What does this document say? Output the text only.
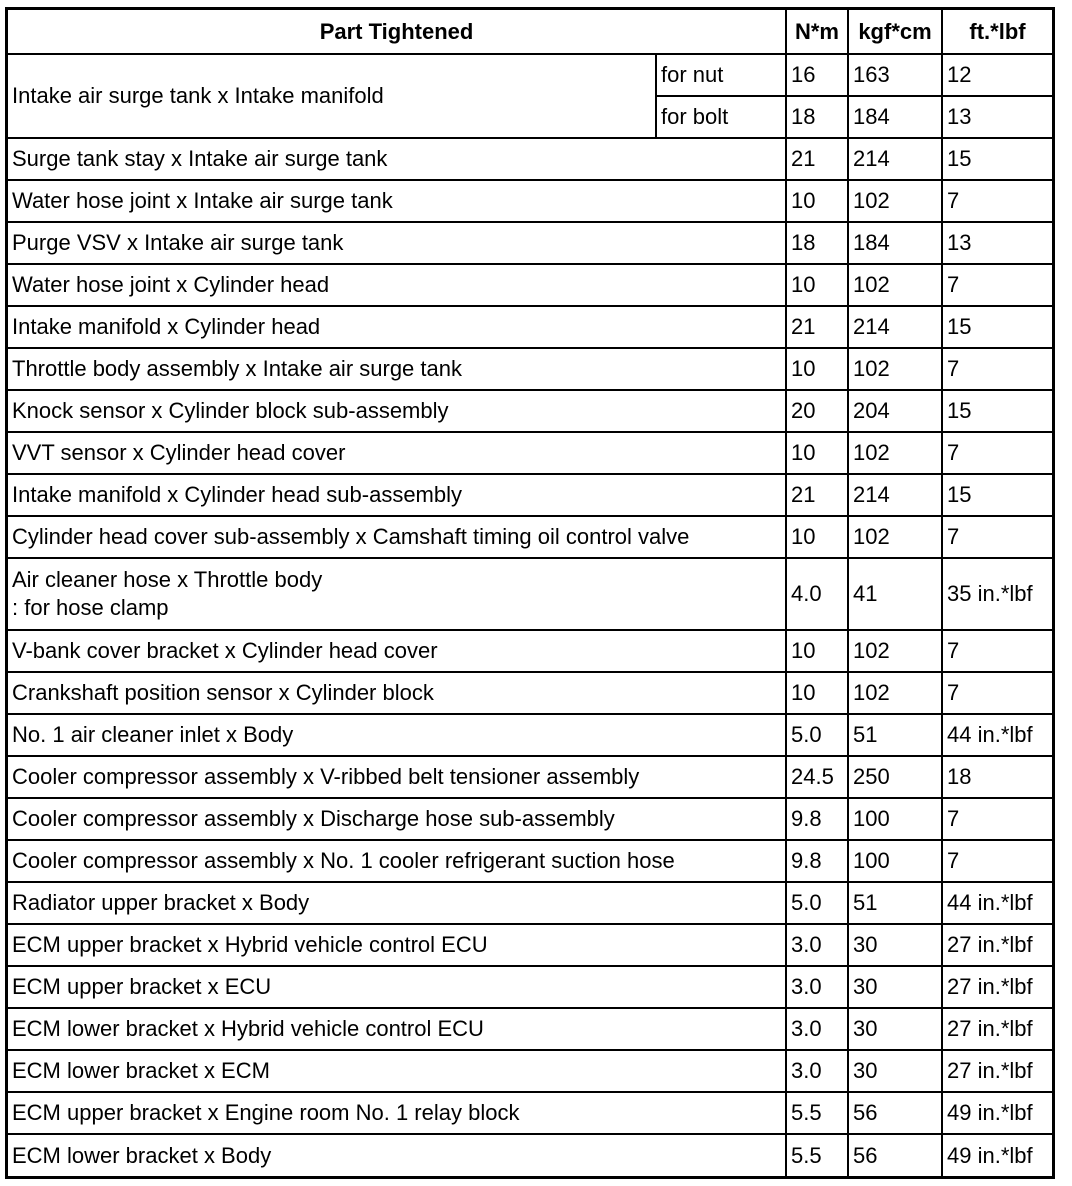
Part Tightened		N*m	kgf*cm	ft.*lbf
Intake air surge tank x Intake manifold	for nut	16	163	12
	for bolt	18	184	13
Surge tank stay x Intake air surge tank		21	214	15
Water hose joint x Intake air surge tank		10	102	7
Purge VSV x Intake air surge tank		18	184	13
Water hose joint x Cylinder head		10	102	7
Intake manifold x Cylinder head		21	214	15
Throttle body assembly x Intake air surge tank		10	102	7
Knock sensor x Cylinder block sub-assembly		20	204	15
VVT sensor x Cylinder head cover		10	102	7
Intake manifold x Cylinder head sub-assembly		21	214	15
Cylinder head cover sub-assembly x Camshaft timing oil control valve		10	102	7

Air cleaner hose x Throttle body
: for hose clamp		4.0	41	35 in.*lbf
V-bank cover bracket x Cylinder head cover		10	102	7
Crankshaft position sensor x Cylinder block		10	102	7
No. 1 air cleaner inlet x Body		5.0	51	44 in.*lbf
Cooler compressor assembly x V-ribbed belt tensioner assembly		24.5	250	18
Cooler compressor assembly x Discharge hose sub-assembly		9.8	100	7
Cooler compressor assembly x No. 1 cooler refrigerant suction hose		9.8	100	7
Radiator upper bracket x Body		5.0	51	44 in.*lbf
ECM upper bracket x Hybrid vehicle control ECU		3.0	30	27 in.*lbf
ECM upper bracket x ECU		3.0	30	27 in.*lbf
ECM lower bracket x Hybrid vehicle control ECU		3.0	30	27 in.*lbf
ECM lower bracket x ECM		3.0	30	27 in.*lbf
ECM upper bracket x Engine room No. 1 relay block		5.5	56	49 in.*lbf
ECM lower bracket x Body		5.5	56	49 in.*lbf
